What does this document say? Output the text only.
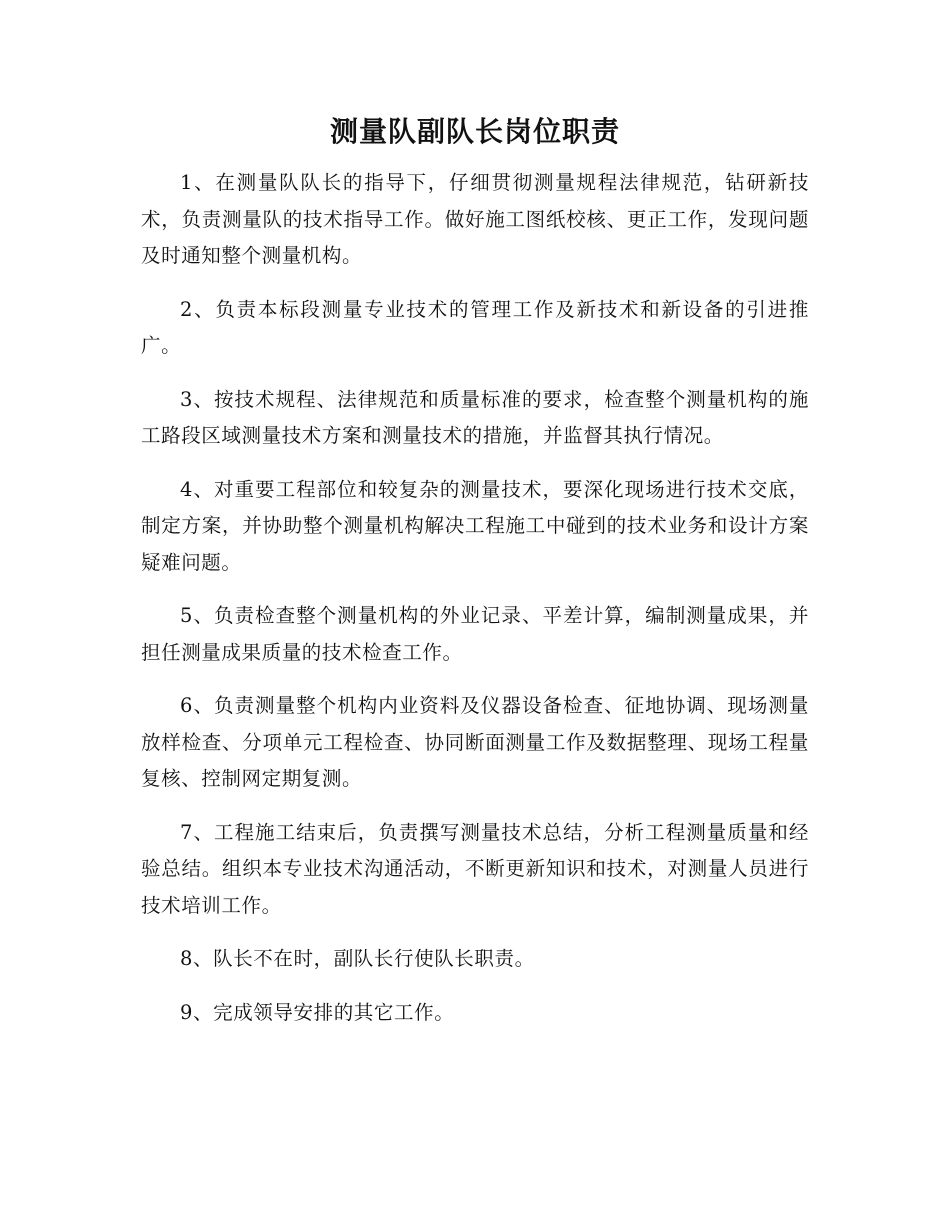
测量队副队长岗位职责

1、在测量队队长的指导下，仔细贯彻测量规程法律规范，钻研新技术，负责测量队的技术指导工作。做好施工图纸校核、更正工作，发现问题及时通知整个测量机构。

2、负责本标段测量专业技术的管理工作及新技术和新设备的引进推广。

3、按技术规程、法律规范和质量标准的要求，检查整个测量机构的施工路段区域测量技术方案和测量技术的措施，并监督其执行情况。

4、对重要工程部位和较复杂的测量技术，要深化现场进行技术交底，制定方案，并协助整个测量机构解决工程施工中碰到的技术业务和设计方案疑难问题。

5、负责检查整个测量机构的外业记录、平差计算，编制测量成果，并担任测量成果质量的技术检查工作。

6、负责测量整个机构内业资料及仪器设备检查、征地协调、现场测量放样检查、分项单元工程检查、协同断面测量工作及数据整理、现场工程量复核、控制网定期复测。

7、工程施工结束后，负责撰写测量技术总结，分析工程测量质量和经验总结。组织本专业技术沟通活动，不断更新知识和技术，对测量人员进行技术培训工作。

8、队长不在时，副队长行使队长职责。

9、完成领导安排的其它工作。
